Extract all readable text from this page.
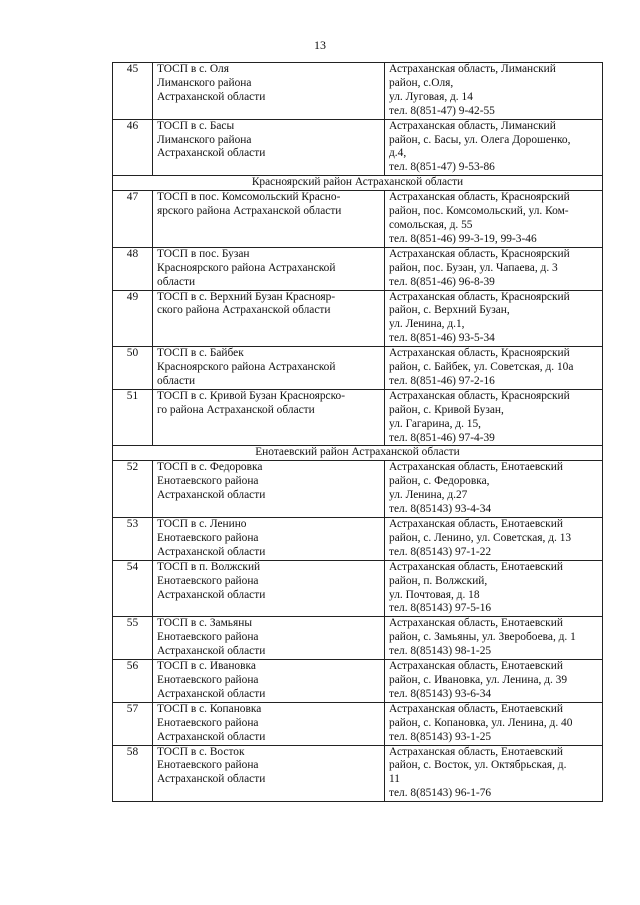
13
45	ТОСП в с. Оля
Лиманского района
Астраханской области	Астраханская область, Лиманский
район, с.Оля,
ул. Луговая, д. 14
тел. 8(851-47) 9-42-55

46	ТОСП в с. Басы
Лиманского района
Астраханской области	Астраханская область, Лиманский
район, с. Басы, ул. Олега Дорошенко,
д.4,
тел. 8(851-47) 9-53-86

Красноярский район Астраханской области		
47	ТОСП в пос. Комсомольский Красно-
ярского района Астраханской области	Астраханская область, Красноярский
район, пос. Комсомольский, ул. Ком-
сомольская, д. 55
тел. 8(851-46) 99-3-19, 99-3-46

48	ТОСП в пос. Бузан
Красноярского района Астраханской
области	Астраханская область, Красноярский
район, пос. Бузан, ул. Чапаева, д. 3
тел. 8(851-46) 96-8-39

49	ТОСП в с. Верхний Бузан Краснояр-
ского района Астраханской области	Астраханская область, Красноярский
район, с. Верхний Бузан,
ул. Ленина, д.1,
тел. 8(851-46) 93-5-34

50	ТОСП в с. Байбек
Красноярского района Астраханской
области	Астраханская область, Красноярский
район, с. Байбек, ул. Советская, д. 10а
тел. 8(851-46) 97-2-16

51	ТОСП в с. Кривой Бузан Красноярско-
го района Астраханской области	Астраханская область, Красноярский
район, с. Кривой Бузан,
ул. Гагарина, д. 15,
тел. 8(851-46) 97-4-39

Енотаевский район Астраханской области		
52	ТОСП в с. Федоровка
Енотаевского района
Астраханской области	Астраханская область, Енотаевский
район, с. Федоровка,
ул. Ленина, д.27
тел. 8(85143) 93-4-34

53	ТОСП в с. Ленино
Енотаевского района
Астраханской области	Астраханская область, Енотаевский
район, с. Ленино, ул. Советская, д. 13
тел. 8(85143) 97-1-22

54	ТОСП в п. Волжский
Енотаевского района
Астраханской области	Астраханская область, Енотаевский
район, п. Волжский,
ул. Почтовая, д. 18
тел. 8(85143) 97-5-16

55	ТОСП в с. Замьяны
Енотаевского района
Астраханской области	Астраханская область, Енотаевский
район, с. Замьяны, ул. Зверобоева, д. 1
тел. 8(85143) 98-1-25

56	ТОСП в с. Ивановка
Енотаевского района
Астраханской области	Астраханская область, Енотаевский
район, с. Ивановка, ул. Ленина, д. 39
тел. 8(85143) 93-6-34

57	ТОСП в с. Копановка
Енотаевского района
Астраханской области	Астраханская область, Енотаевский
район, с. Копановка, ул. Ленина, д. 40
тел. 8(85143) 93-1-25

58	ТОСП в с. Восток
Енотаевского района
Астраханской области	Астраханская область, Енотаевский
район, с. Восток, ул. Октябрьская, д.
11
тел. 8(85143) 96-1-76
